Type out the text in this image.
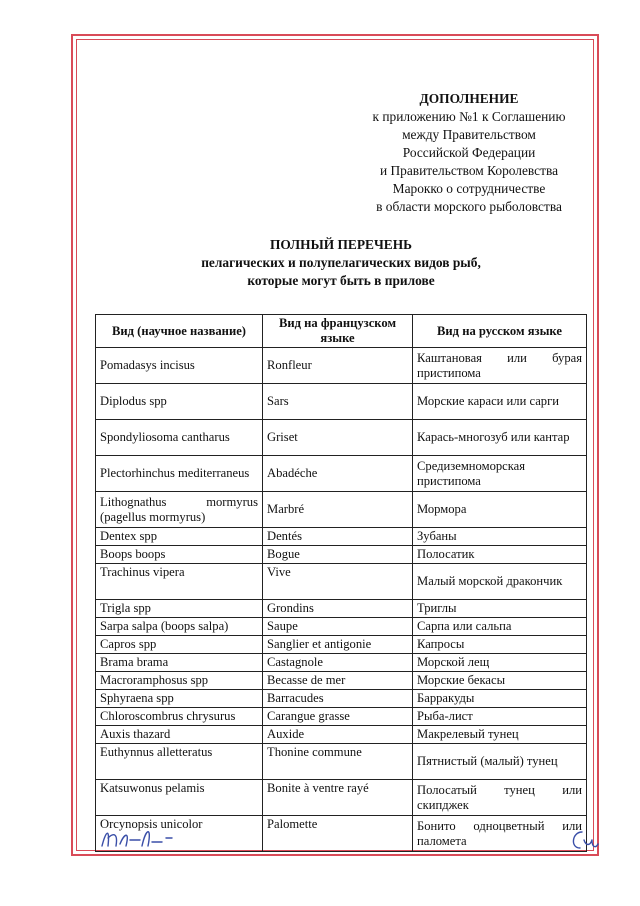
ДОПОЛНЕНИЕ
к приложению №1 к Соглашению
между Правительством
Российской Федерации
и Правительством Королевства
Марокко о сотрудничестве
в области морского рыболовства
ПОЛНЫЙ ПЕРЕЧЕНЬ
пелагических и полупелагических видов рыб,
которые могут быть в прилове
Вид (научное название)	Вид на французском языке	Вид на русском языке
Pomadasys incisus	Ronfleur	Каштановая или бурая пристипома
Diplodus spp	Sars	Морские караси или сарги
Spondyliosoma cantharus	Griset	Карась-многозуб или кантар
Plectorhinchus mediterraneus	Abadéche	Средиземноморская пристипома
Lithognathus mormyrus (pagellus mormyrus)	Marbré	Мормора
Dentex spp	Dentés	Зубаны
Boops boops	Bogue	Полосатик
Trachinus vipera	Vive	Малый морской дракончик
Trigla spp	Grondins	Триглы
Sarpa salpa (boops salpa)	Saupe	Сарпа или сальпа
Capros spp	Sanglier et antigonie	Капросы
Brama brama	Castagnole	Морской лещ
Macroramphosus spp	Becasse de mer	Морские бекасы
Sphyraena spp	Barracudes	Барракуды
Chloroscombrus chrysurus	Carangue grasse	Рыба-лист
Auxis thazard	Auxide	Макрелевый тунец
Euthynnus alletteratus	Thonine commune	Пятнистый (малый) тунец
Katsuwonus pelamis	Bonite à ventre rayé	Полосатый тунец или скипджек
Orcynopsis unicolor	Palomette	Бонито одноцветный или паломета
